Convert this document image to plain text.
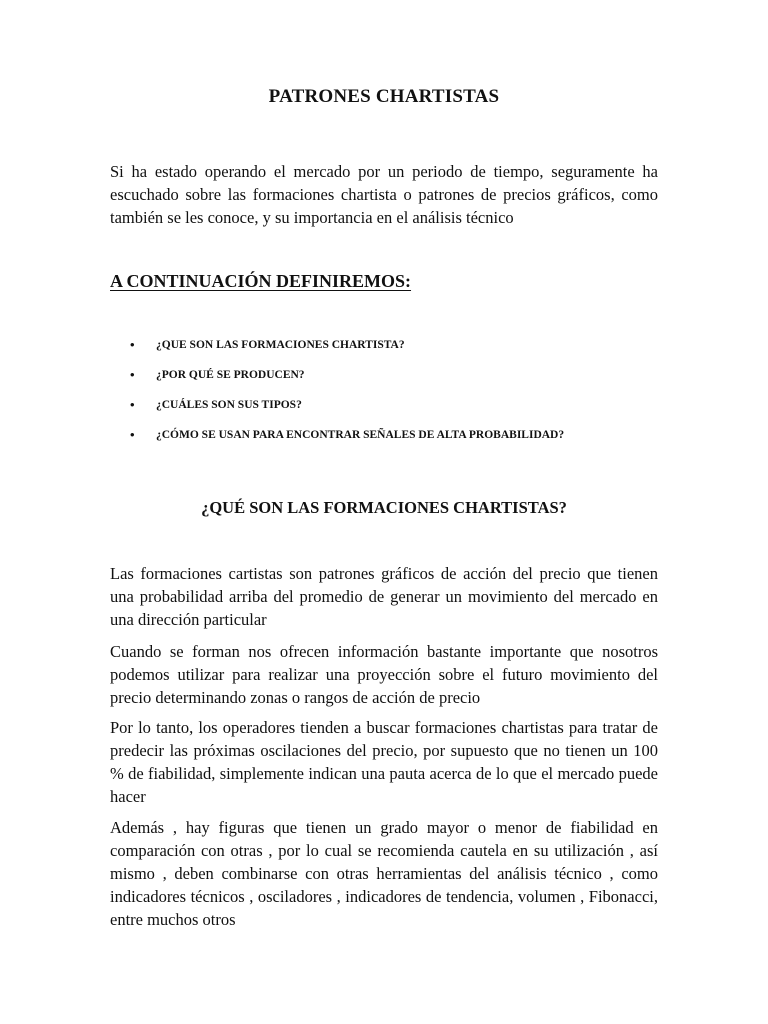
PATRONES CHARTISTAS
Si ha estado operando el mercado por un periodo de tiempo, seguramente ha escuchado sobre las formaciones chartista o patrones de precios gráficos, como también se les conoce, y su importancia en el análisis técnico
A CONTINUACIÓN DEFINIREMOS:
• ¿QUE SON LAS FORMACIONES CHARTISTA?
• ¿POR QUÉ SE PRODUCEN?
• ¿CUÁLES SON SUS TIPOS?
• ¿CÓMO SE USAN PARA ENCONTRAR SEÑALES DE ALTA PROBABILIDAD?
¿QUÉ SON LAS FORMACIONES CHARTISTAS?
Las formaciones cartistas son patrones gráficos de acción del precio que tienen una probabilidad arriba del promedio de generar un movimiento del mercado en una dirección particular
Cuando se forman nos ofrecen información bastante importante que nosotros podemos utilizar para realizar una proyección sobre el futuro movimiento del precio determinando zonas o rangos de acción de precio
Por lo tanto, los operadores tienden a buscar formaciones chartistas para tratar de predecir las próximas oscilaciones del precio, por supuesto que no tienen un 100 % de fiabilidad, simplemente indican una pauta acerca de lo que el mercado puede hacer
Además , hay figuras que tienen un grado mayor o menor de fiabilidad en comparación con otras , por lo cual se recomienda cautela en su utilización , así mismo , deben combinarse con otras herramientas del análisis técnico , como indicadores técnicos , osciladores , indicadores de tendencia, volumen , Fibonacci, entre muchos otros
